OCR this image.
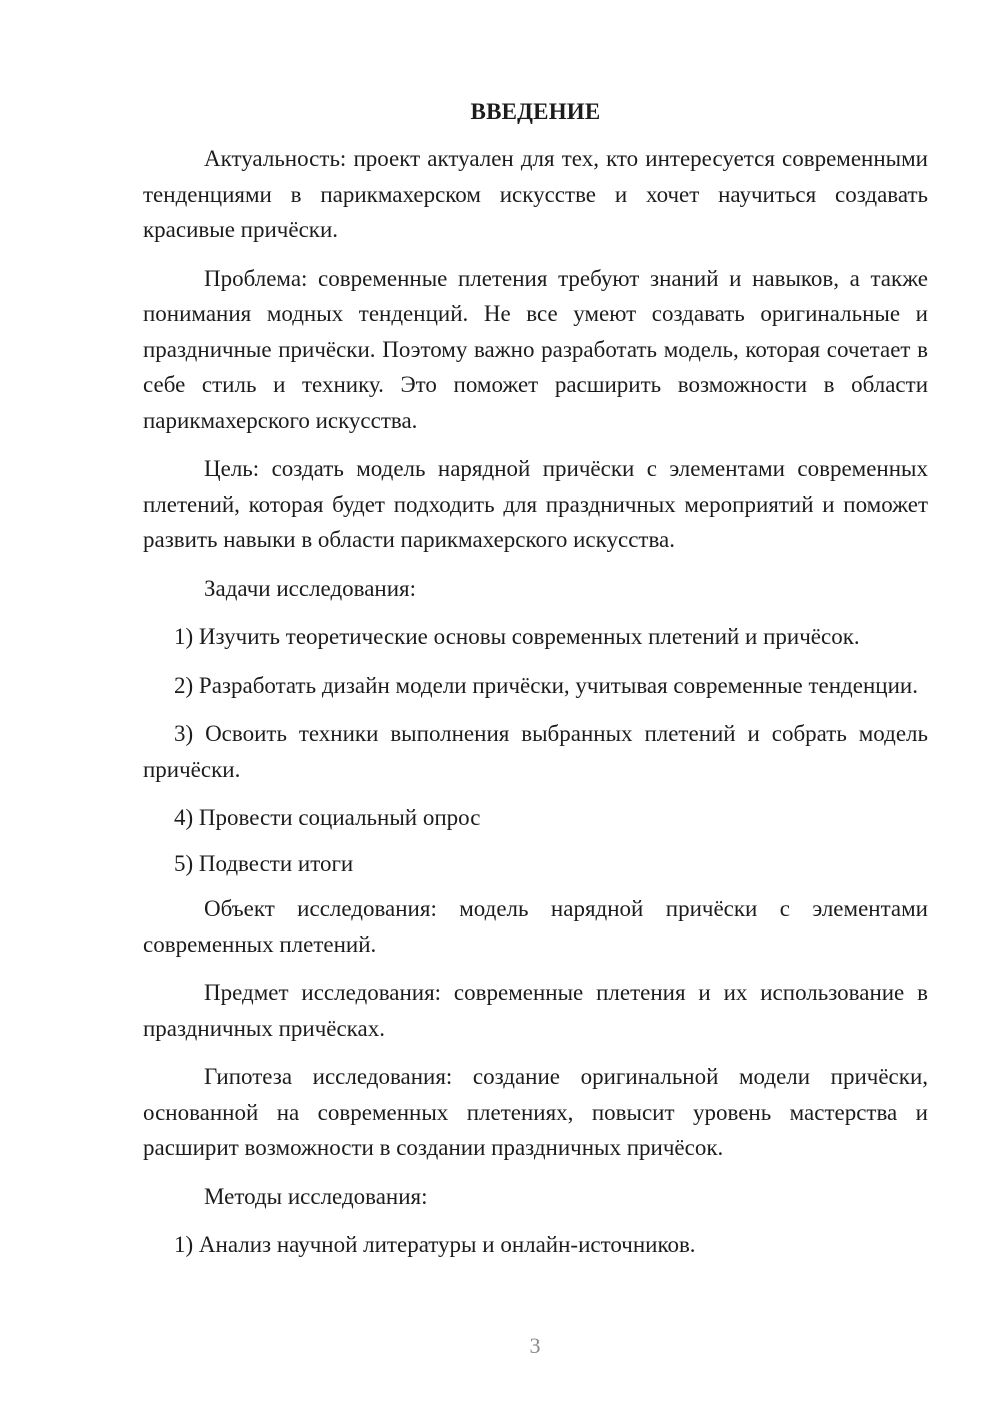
ВВЕДЕНИЕ
Актуальность: проект актуален для тех, кто интересуется современными тенденциями в парикмахерском искусстве и хочет научиться создавать красивые причёски.
Проблема: современные плетения требуют знаний и навыков, а также понимания модных тенденций. Не все умеют создавать оригинальные и праздничные причёски. Поэтому важно разработать модель, которая сочетает в себе стиль и технику. Это поможет расширить возможности в области парикмахерского искусства.
Цель: создать модель нарядной причёски с элементами современных плетений, которая будет подходить для праздничных мероприятий и поможет развить навыки в области парикмахерского искусства.
Задачи исследования:
1) Изучить теоретические основы современных плетений и причёсок.
2) Разработать дизайн модели причёски, учитывая современные тенденции.
3) Освоить техники выполнения выбранных плетений и собрать модель причёски.
4) Провести социальный опрос
5) Подвести итоги
Объект исследования: модель нарядной причёски с элементами современных плетений.
Предмет исследования: современные плетения и их использование в праздничных причёсках.
Гипотеза исследования: создание оригинальной модели причёски, основанной на современных плетениях, повысит уровень мастерства и расширит возможности в создании праздничных причёсок.
Методы исследования:
1) Анализ научной литературы и онлайн-источников.
3
